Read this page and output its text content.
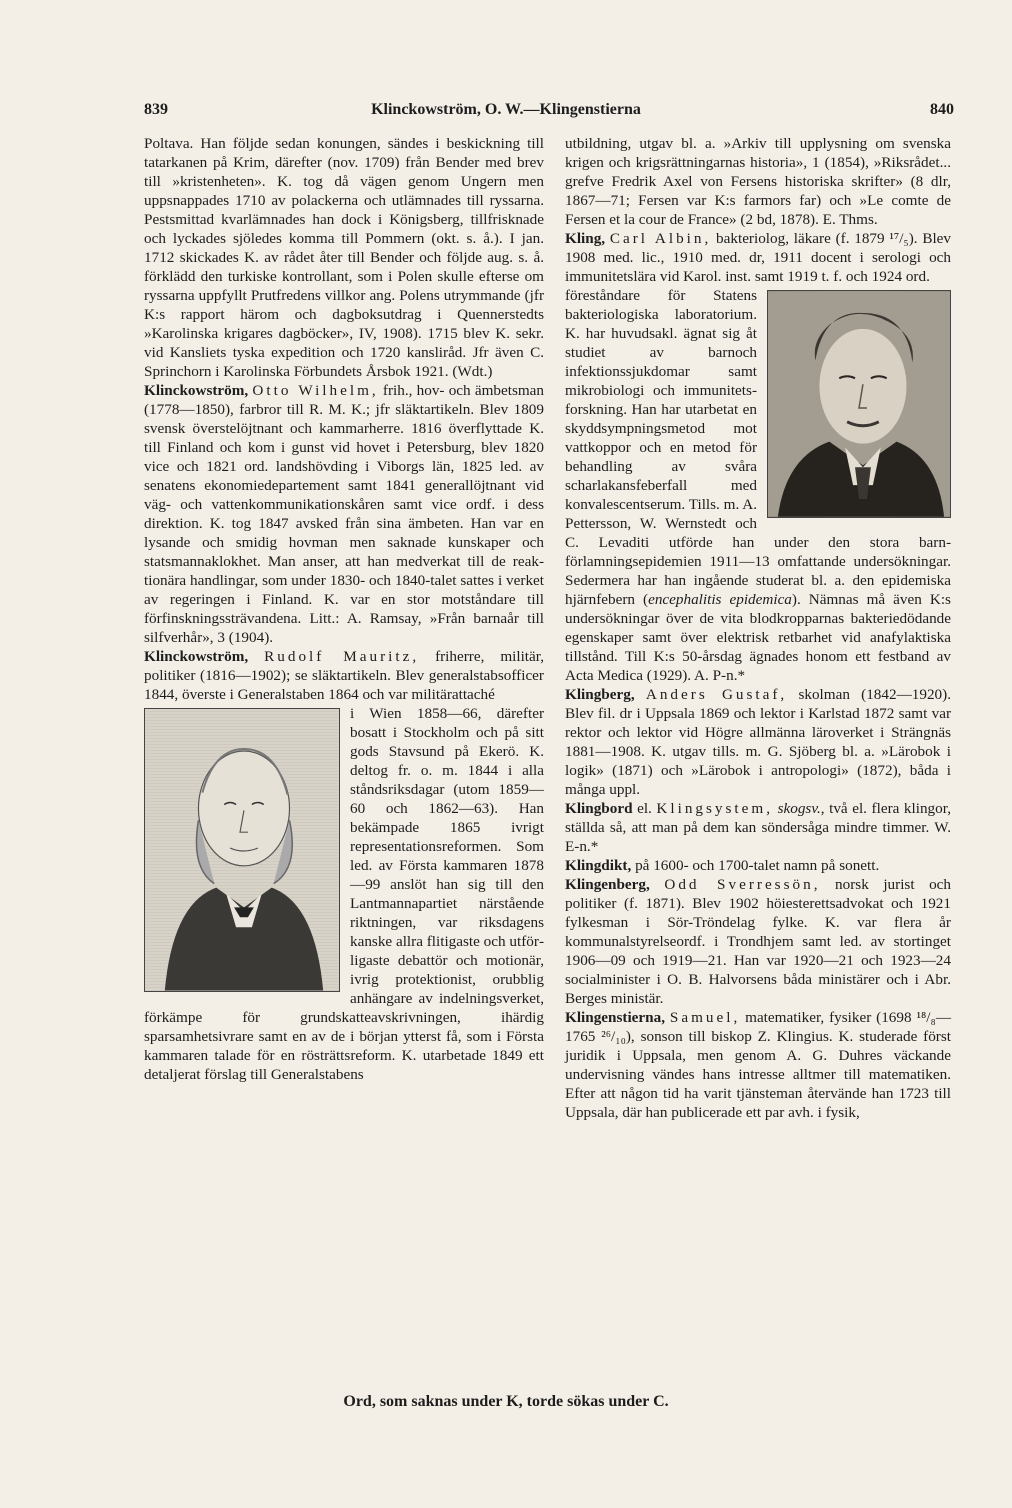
Klinckowström, O. W.—Klingenstierna
839	840

Poltava. Han följde sedan konungen, sändes i beskickning till tatarkanen på Krim, därefter (nov. 1709) från Bender med brev till »kristenheten». K. tog då vägen genom Ungern men uppsnappades 1710 av polackerna och utlämnades till ryssarna. Pestsmittad kvarlämnades han dock i Königsberg, tillfrisknade och lyckades sjöledes komma till Pommern (okt. s. å.). I jan. 1712 skickades K. av rådet åter till Bender och följde aug. s. å. förklädd den turkiske kontrollant, som i Polen skulle efterse om ryssarna uppfyllt Prutfredens villkor ang. Polens utrymmande (jfr K:s rapport härom och dagboksutdrag i Quennerstedts »Karolinska krigares dagböcker», IV, 1908). 1715 blev K. sekr. vid Kansliets tyska expedition och 1720 kansliråd. Jfr även C. Sprinchorn i Karolinska Förbundets Årsbok 1921. (Wdt.)

Klinckowström, Otto Wilhelm, frih., hov- och ämbetsman (1778—1850), farbror till R. M. K.; jfr släktartikeln. Blev 1809 svensk överstelöjtnant och kammarherre. 1816 överflyttade K. till Finland och kom i gunst vid hovet i Petersburg, blev 1820 vice och 1821 ord. landshövding i Viborgs län, 1825 led. av senatens ekonomiedepartement samt 1841 generallöjtnant vid väg- och vattenkommunikationskåren samt vice ordf. i dess direktion. K. tog 1847 avsked från sina ämbeten. Han var en lysande och smidig hovman men saknade kunskaper och statsmannaklokhet. Man anser, att han medverkat till de reaktionära handlingar, som under 1830- och 1840-talet sattes i verket av regeringen i Finland. K. var en stor motståndare till förfinskningssträvandena. Litt.: A. Ramsay, »Från barnaår till silfverhår», 3 (1904).

Klinckowström, Rudolf Mauritz, friherre, militär, politiker (1816—1902); se släktartikeln. Blev generalstabsofficer 1844, överste i Generalstaben 1864 och var militärattaché

i Wien 1858—66, därefter bosatt i Stockholm och på sitt gods Stavsund på Ekerö. K. deltog fr. o. m. 1844 i alla ståndsriksdagar (utom 1859—60 och 1862—63). Han bekämpade 1865 ivrigt representationsreformen. Som led. av Första kammaren 1878—99 anslöt han sig till den Lantmannapartiet närstående riktningen, var riksdagens kanske allra flitigaste och utförligaste debattör och motionär, ivrig protektionist, orubblig anhängare av indelningsverket, förkämpe för grundskatteavskrivningen, ihärdig sparsamhetsivrare samt en av de i början ytterst få, som i Första kammaren talade för en rösträttsreform. K. utarbetade 1849 ett detaljerat förslag till Generalstabens

utbildning, utgav bl. a. »Arkiv till upplysning om svenska krigen och krigsrättningarnas historia», 1 (1854), »Riksrådet... grefve Fredrik Axel von Fersens historiska skrifter» (8 dlr, 1867—71; Fersen var K:s farmors far) och »Le comte de Fersen et la cour de France» (2 bd, 1878). E. Thms.

Kling, Carl Albin, bakteriolog, läkare (f. 1879 ¹⁷/₅). Blev 1908 med. lic., 1910 med. dr, 1911 docent i serologi och immunitetslära vid Karol. inst. samt 1919 t. f. och 1924 ord.

föreståndare för Statens bakteriologiska laboratorium. K. har huvudsakl. ägnat sig åt studiet av barnoch infektionssjukdomar samt mikrobiologi och immunitetsforskning. Han har utarbetat en skyddsympningsmetod mot vattkoppor och en metod för behandling av svåra scharlakansfeberfall med konvalescentserum. Tills. m. A. Pettersson, W. Wernstedt och C. Levaditi utförde han under den stora barnförlamningsepidemien 1911—13 omfattande undersökningar. Sedermera har han ingående studerat bl. a. den epidemiska hjärnfebern (encephalitis epidemica). Nämnas må även K:s undersökningar över de vita blodkropparnas bakteriedödande egenskaper samt över elektrisk retbarhet vid anafylaktiska tillstånd. Till K:s 50-årsdag ägnades honom ett festband av Acta Medica (1929). A. P-n.*

Klingberg, Anders Gustaf, skolman (1842—1920). Blev fil. dr i Uppsala 1869 och lektor i Karlstad 1872 samt var rektor och lektor vid Högre allmänna läroverket i Strängnäs 1881—1908. K. utgav tills. m. G. Sjöberg bl. a. »Lärobok i logik» (1871) och »Lärobok i antropologi» (1872), båda i många uppl.

Klingbord el. Klingsystem, skogsv., två el. flera klingor, ställda så, att man på dem kan söndersåga mindre timmer. W. E-n.*

Klingdikt, på 1600- och 1700-talet namn på sonett.

Klingenberg, Odd Sverressön, norsk jurist och politiker (f. 1871). Blev 1902 höiesterettsadvokat och 1921 fylkesman i Sör-Tröndelag fylke. K. var flera år kommunalstyrelseordf. i Trondhjem samt led. av stortinget 1906—09 och 1919—21. Han var 1920—21 och 1923—24 socialminister i O. B. Halvorsens båda ministärer och i Abr. Berges ministär.

Klingenstierna, Samuel, matematiker, fysiker (1698 ¹⁸/₈—1765 ²⁶/₁₀), sonson till biskop Z. Klingius. K. studerade först juridik i Uppsala, men genom A. G. Duhres väckande undervisning vändes hans intresse alltmer till matematiken. Efter att någon tid ha varit tjänsteman återvände han 1723 till Uppsala, där han publicerade ett par avh. i fysik,

Ord, som saknas under K, torde sökas under C.
